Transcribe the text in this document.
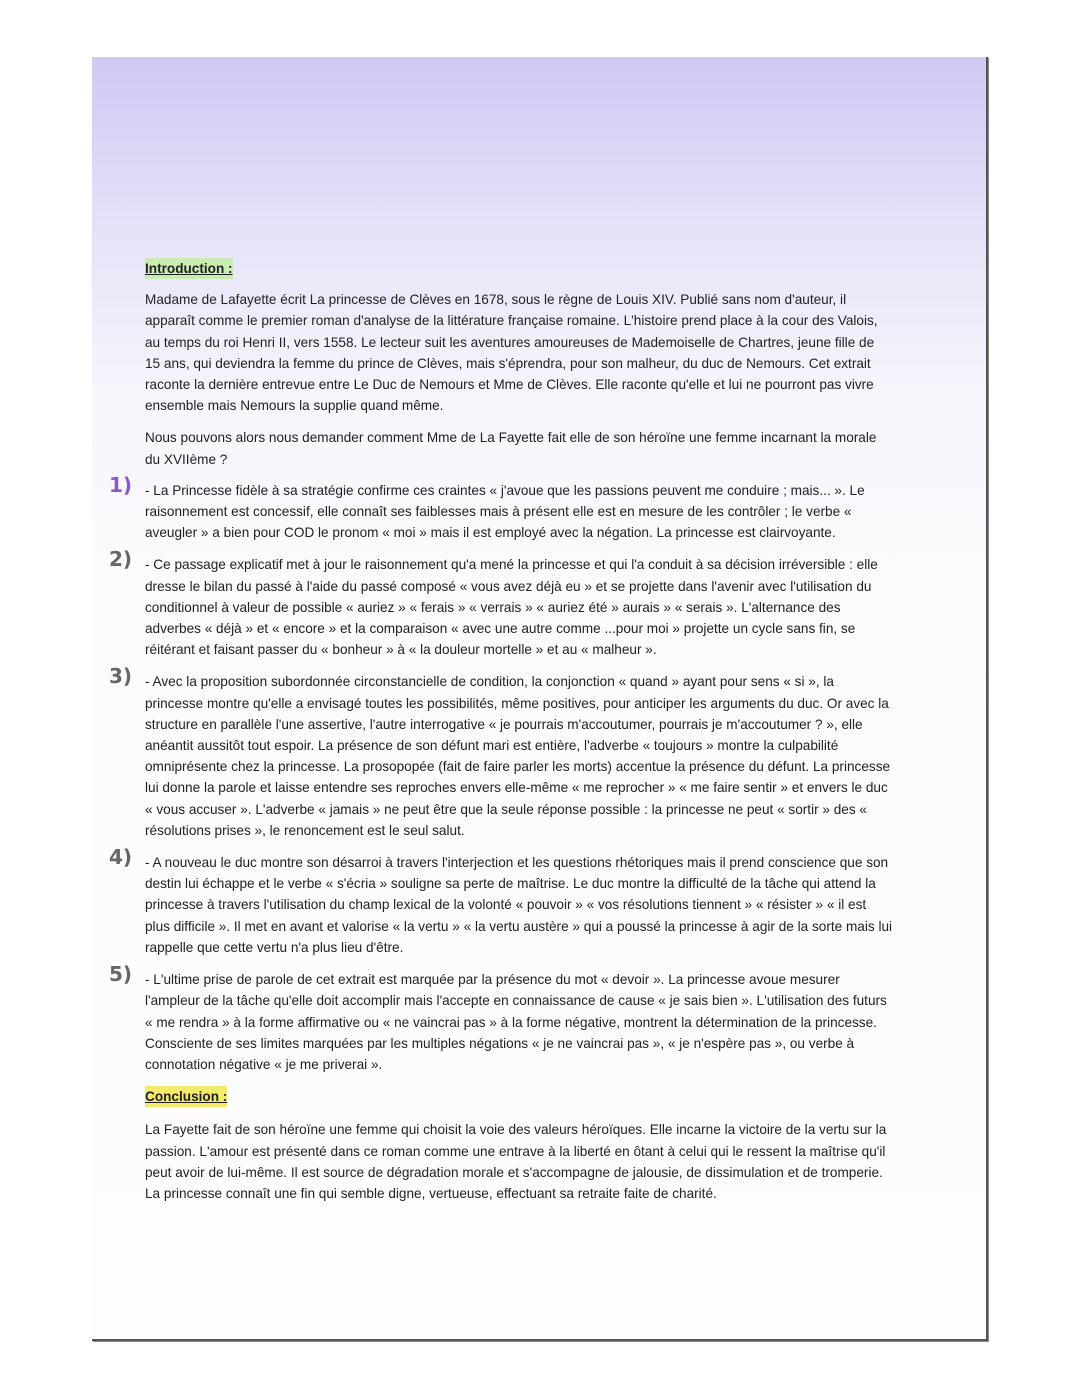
Introduction :

Madame de Lafayette écrit La princesse de Clèves en 1678, sous le règne de Louis XIV. Publié sans nom d'auteur, il apparaît comme le premier roman d'analyse de la littérature française romaine. L'histoire prend place à la cour des Valois, au temps du roi Henri II, vers 1558. Le lecteur suit les aventures amoureuses de Mademoiselle de Chartres, jeune fille de 15 ans, qui deviendra la femme du prince de Clèves, mais s'éprendra, pour son malheur, du duc de Nemours. Cet extrait raconte la dernière entrevue entre Le Duc de Nemours et Mme de Clèves. Elle raconte qu'elle et lui ne pourront pas vivre ensemble mais Nemours la supplie quand même.

Nous pouvons alors nous demander comment Mme de La Fayette fait elle de son héroïne une femme incarnant la morale du XVIIème ?

1) - La Princesse fidèle à sa stratégie confirme ces craintes « j'avoue que les passions peuvent me conduire ; mais... ». Le raisonnement est concessif, elle connaît ses faiblesses mais à présent elle est en mesure de les contrôler ; le verbe « aveugler » a bien pour COD le pronom « moi » mais il est employé avec la négation. La princesse est clairvoyante.

2) - Ce passage explicatif met à jour le raisonnement qu'a mené la princesse et qui l'a conduit à sa décision irréversible : elle dresse le bilan du passé à l'aide du passé composé « vous avez déjà eu » et se projette dans l'avenir avec l'utilisation du conditionnel à valeur de possible « auriez » « ferais » « verrais » « auriez été » aurais » « serais ». L'alternance des adverbes « déjà » et « encore » et la comparaison « avec une autre comme ...pour moi » projette un cycle sans fin, se réitérant et faisant passer du « bonheur » à « la douleur mortelle » et au « malheur ».

3) - Avec la proposition subordonnée circonstancielle de condition, la conjonction « quand » ayant pour sens « si », la princesse montre qu'elle a envisagé toutes les possibilités, même positives, pour anticiper les arguments du duc. Or avec la structure en parallèle l'une assertive, l'autre interrogative « je pourrais m'accoutumer, pourrais je m'accoutumer ? », elle anéantit aussitôt tout espoir. La présence de son défunt mari est entière, l'adverbe « toujours » montre la culpabilité omniprésente chez la princesse. La prosopopée (fait de faire parler les morts) accentue la présence du défunt. La princesse lui donne la parole et laisse entendre ses reproches envers elle-même « me reprocher » « me faire sentir » et envers le duc « vous accuser ». L'adverbe « jamais » ne peut être que la seule réponse possible : la princesse ne peut « sortir » des « résolutions prises », le renoncement est le seul salut.

4) - A nouveau le duc montre son désarroi à travers l'interjection et les questions rhétoriques mais il prend conscience que son destin lui échappe et le verbe « s'écria » souligne sa perte de maîtrise. Le duc montre la difficulté de la tâche qui attend la princesse à travers l'utilisation du champ lexical de la volonté « pouvoir » « vos résolutions tiennent » « résister » « il est plus difficile ». Il met en avant et valorise « la vertu » « la vertu austère » qui a poussé la princesse à agir de la sorte mais lui rappelle que cette vertu n'a plus lieu d'être.

5) - L'ultime prise de parole de cet extrait est marquée par la présence du mot « devoir ». La princesse avoue mesurer l'ampleur de la tâche qu'elle doit accomplir mais l'accepte en connaissance de cause « je sais bien ». L'utilisation des futurs « me rendra » à la forme affirmative ou « ne vaincrai pas » à la forme négative, montrent la détermination de la princesse. Consciente de ses limites marquées par les multiples négations « je ne vaincrai pas », « je n'espère pas », ou verbe à connotation négative « je me priverai ».

Conclusion :

La Fayette fait de son héroïne une femme qui choisit la voie des valeurs héroïques. Elle incarne la victoire de la vertu sur la passion. L'amour est présenté dans ce roman comme une entrave à la liberté en ôtant à celui qui le ressent la maîtrise qu'il peut avoir de lui-même. Il est source de dégradation morale et s'accompagne de jalousie, de dissimulation et de tromperie. La princesse connaît une fin qui semble digne, vertueuse, effectuant sa retraite faite de charité.
